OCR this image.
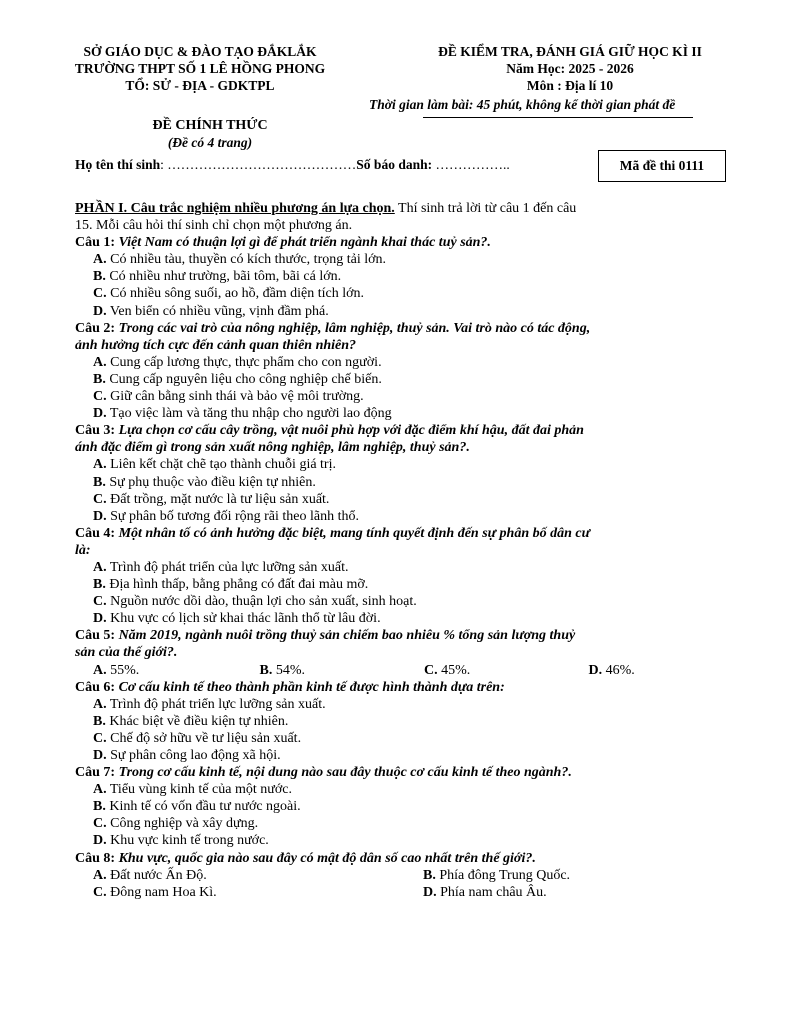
SỞ GIÁO DỤC & ĐÀO TẠO ĐẮKLẮK
TRƯỜNG THPT SỐ 1 LÊ HỒNG PHONG
TỔ: SỬ - ĐỊA - GDKTPL
ĐỀ CHÍNH THỨC
(Đề có 4 trang)
ĐỀ KIỂM TRA, ĐÁNH GIÁ GIỮ HỌC KÌ II
Năm Học: 2025 - 2026
Môn : Địa lí 10
Thời gian làm bài: 45 phút, không kể thời gian phát đề
Họ tên thí sinh: ……………………………………Số báo danh: ……………..	Mã đề thi 0111
PHẦN I. Câu trắc nghiệm nhiều phương án lựa chọn. Thí sinh trả lời từ câu 1 đến câu
15. Mỗi câu hỏi thí sinh chỉ chọn một phương án.
Câu 1: Việt Nam có thuận lợi gì để phát triển ngành khai thác tuỷ sản?.
A. Có nhiều tàu, thuyền có kích thước, trọng tải lớn.
B. Có nhiều như trường, bãi tôm, bãi cá lớn.
C. Có nhiều sông suối, ao hồ, đầm diện tích lớn.
D. Ven biển có nhiều vũng, vịnh đầm phá.
Câu 2: Trong các vai trò của nông nghiệp, lâm nghiệp, thuỷ sản. Vai trò nào có tác động,
ảnh hưởng tích cực đến cảnh quan thiên nhiên?
A. Cung cấp lương thực, thực phẩm cho con người.
B. Cung cấp nguyên liệu cho công nghiệp chế biến.
C. Giữ cân bằng sinh thái và bảo vệ môi trường.
D. Tạo việc làm và tăng thu nhập cho người lao động
Câu 3: Lựa chọn cơ cấu cây trồng, vật nuôi phù hợp với đặc điểm khí hậu, đất đai phản
ánh đặc điểm gì trong sản xuất nông nghiệp, lâm nghiệp, thuỷ sản?.
A. Liên kết chặt chẽ tạo thành chuỗi giá trị.
B. Sự phụ thuộc vào điều kiện tự nhiên.
C. Đất trồng, mặt nước là tư liệu sản xuất.
D. Sự phân bố tương đối rộng rãi theo lãnh thổ.
Câu 4: Một nhân tố có ảnh hưởng đặc biệt, mang tính quyết định đến sự phân bố dân cư
là:
A. Trình độ phát triển của lực lưỡng sản xuất.
B. Địa hình thấp, bằng phẳng có đất đai màu mỡ.
C. Nguồn nước dồi dào, thuận lợi cho sản xuất, sinh hoạt.
D. Khu vực có lịch sử khai thác lãnh thổ từ lâu đời.
Câu 5: Năm 2019, ngành nuôi trồng thuỷ sản chiếm bao nhiêu % tổng sản lượng thuỷ
sản của thế giới?.
A. 55%.	B. 54%.	C. 45%.	D. 46%.
Câu 6: Cơ cấu kinh tế theo thành phần kinh tế được hình thành dựa trên:
A. Trình độ phát triển lực lưỡng sản xuất.
B. Khác biệt về điều kiện tự nhiên.
C. Chế độ sở hữu về tư liệu sản xuất.
D. Sự phân công lao động xã hội.
Câu 7: Trong cơ cấu kinh tế, nội dung nào sau đây thuộc cơ cấu kinh tế theo ngành?.
A. Tiểu vùng kinh tế của một nước.
B. Kinh tế có vốn đầu tư nước ngoài.
C. Công nghiệp và xây dựng.
D. Khu vực kinh tế trong nước.
Câu 8: Khu vực, quốc gia nào sau đây có mật độ dân số cao nhất trên thế giới?.
A. Đất nước Ấn Độ.	B. Phía đông Trung Quốc.
C. Đông nam Hoa Kì.	D. Phía nam châu Âu.
